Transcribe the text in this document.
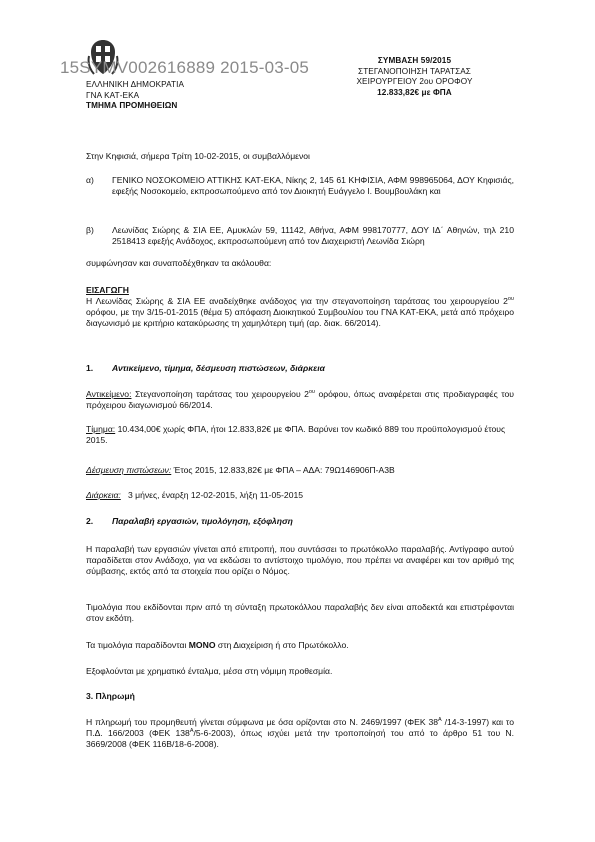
15SYMV002616889 2015-03-05
ΕΛΛΗΝΙΚΗ ΔΗΜΟΚΡΑΤΙΑ
ΓΝΑ ΚΑΤ-ΕΚΑ
ΤΜΗΜΑ ΠΡΟΜΗΘΕΙΩΝ
ΣΥΜΒΑΣΗ 59/2015
ΣΤΕΓΑΝΟΠΟΙΗΣΗ ΤΑΡΑΤΣΑΣ
ΧΕΙΡΟΥΡΓΕΙΟΥ 2ου ΟΡΟΦΟΥ
12.833,82€ με ΦΠΑ

Στην Κηφισιά, σήμερα Τρίτη 10-02-2015, οι συμβαλλόμενοι

α)	ΓΕΝΙΚΟ ΝΟΣΟΚΟΜΕΙΟ ΑΤΤΙΚΗΣ ΚΑΤ-ΕΚΑ, Νίκης 2, 145 61 ΚΗΦΙΣΙΑ, ΑΦΜ 998965064, ΔΟΥ Κηφισιάς, εφεξής Νοσοκομείο, εκπροσωπούμενο από τον Διοικητή Ευάγγελο Ι. Βουμβουλάκη και
β)	Λεωνίδας Σιώρης & ΣΙΑ ΕΕ, Αμυκλών 59, 11142, Αθήνα, ΑΦΜ 998170777, ΔΟΥ ΙΔ΄ Αθηνών, τηλ 210 2518413 εφεξής Ανάδοχος, εκπροσωπούμενη από τον Διαχειριστή Λεωνίδα Σιώρη

συμφώνησαν και συναποδέχθηκαν τα ακόλουθα:

ΕΙΣΑΓΩΓΗ

Η Λεωνίδας Σιώρης & ΣΙΑ ΕΕ αναδείχθηκε ανάδοχος για την στεγανοποίηση ταράτσας του χειρουργείου $2^{o\upsilon}$ ορόφου, με την 3/15-01-2015 (θέμα 5) απόφαση Διοικητικού Συμβουλίου του ΓΝΑ ΚΑΤ-ΕΚΑ, μετά από πρόχειρο διαγωνισμό με κριτήριο κατακύρωσης τη χαμηλότερη τιμή (αρ. διακ. 66/2014).

1.	Αντικείμενο, τίμημα, δέσμευση πιστώσεων, διάρκεια

Αντικείμενο: Στεγανοποίηση ταράτσας του χειρουργείου $2^{o\upsilon}$ ορόφου, όπως αναφέρεται στις προδιαγραφές του πρόχειρου διαγωνισμού 66/2014.

Τίμημα: 10.434,00€ χωρίς ΦΠΑ, ήτοι 12.833,82€ με ΦΠΑ. Βαρύνει τον κωδικό 889 του προϋπολογισμού έτους 2015.

Δέσμευση πιστώσεων: Έτος 2015, 12.833,82€ με ΦΠΑ – ΑΔΑ: 79Ω146906Π-Α3Β

Διάρκεια:   3 μήνες, έναρξη 12-02-2015, λήξη 11-05-2015

2.	Παραλαβή εργασιών, τιμολόγηση, εξόφληση

Η παραλαβή των εργασιών γίνεται από επιτροπή, που συντάσσει το πρωτόκολλο παραλαβής. Αντίγραφο αυτού παραδίδεται στον Ανάδοχο, για να εκδώσει το αντίστοιχο τιμολόγιο, που πρέπει να αναφέρει και τον αριθμό της σύμβασης, εκτός από τα στοιχεία που ορίζει ο Νόμος.

Τιμολόγια που εκδίδονται πριν από τη σύνταξη πρωτοκόλλου παραλαβής δεν είναι αποδεκτά και επιστρέφονται στον εκδότη.

Τα τιμολόγια παραδίδονται ΜΟΝΟ στη Διαχείριση ή στο Πρωτόκολλο.

Εξοφλούνται με χρηματικό ένταλμα, μέσα στη νόμιμη προθεσμία.

3. Πληρωμή

Η πληρωμή του προμηθευτή γίνεται σύμφωνα με όσα ορίζονται στο Ν. 2469/1997 (ΦΕΚ $38^A$ /14-3-1997) και το Π.Δ. 166/2003 (ΦΕΚ $138^A/5-6-2003$), όπως ισχύει μετά την τροποποίησή του από το άρθρο 51 του Ν. 3669/2008 (ΦΕΚ 116Β/18-6-2008).
